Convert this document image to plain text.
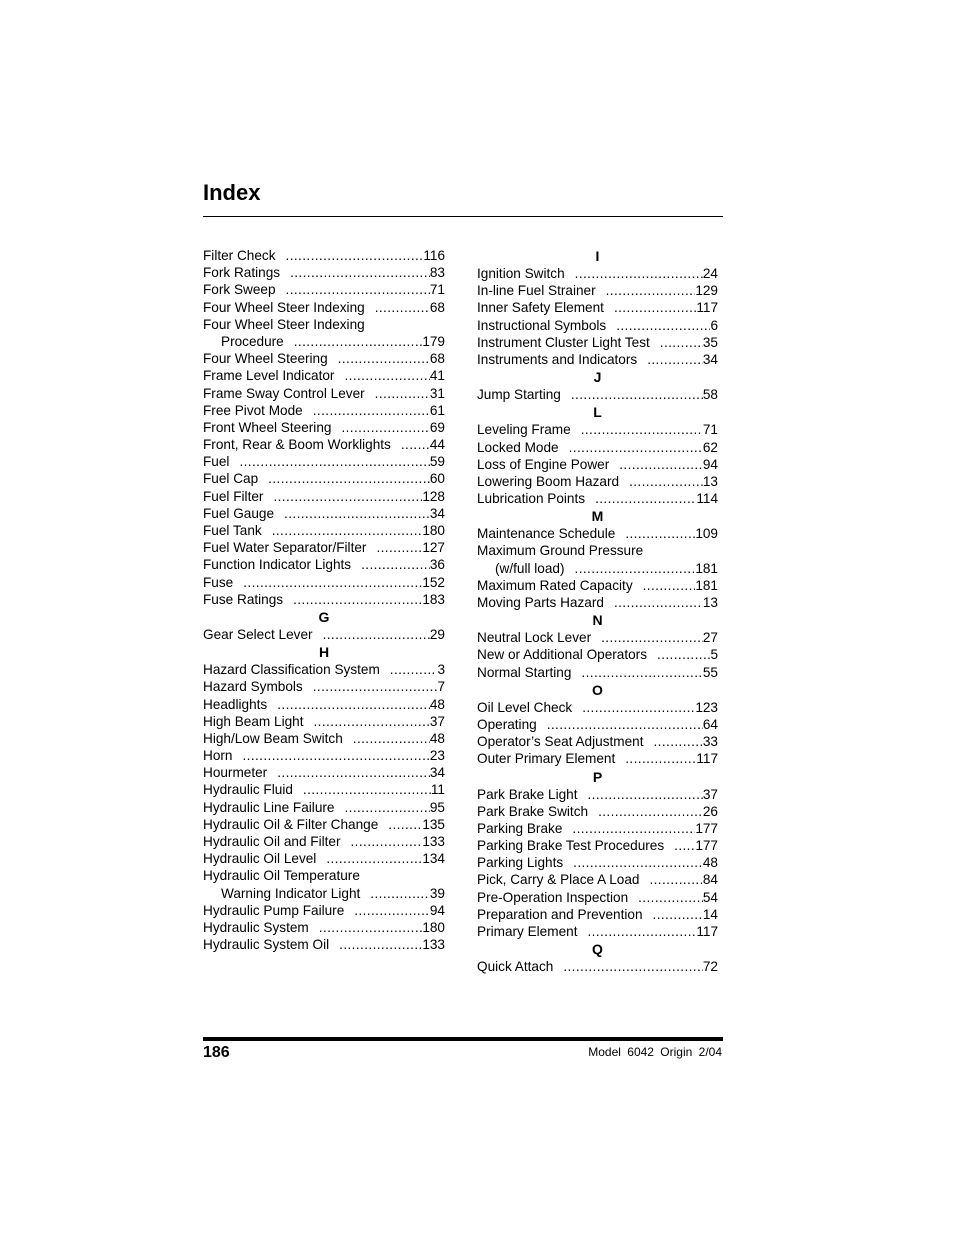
Index
Filter Check .....	116
Fork Ratings .....	83
Fork Sweep .....	71
Four Wheel Steer Indexing .....	68
Four Wheel Steer Indexing
Procedure .....	179
Four Wheel Steering .....	68
Frame Level Indicator .....	41
Frame Sway Control Lever .....	31
Free Pivot Mode .....	61
Front Wheel Steering .....	69
Front, Rear & Boom Worklights .....	44
Fuel .....	59
Fuel Cap .....	60
Fuel Filter .....	128
Fuel Gauge .....	34
Fuel Tank .....	180
Fuel Water Separator/Filter .....	127
Function Indicator Lights .....	36
Fuse .....	152
Fuse Ratings .....	183
G
Gear Select Lever .....	29
H
Hazard Classification System .....	3
Hazard Symbols .....	7
Headlights .....	48
High Beam Light .....	37
High/Low Beam Switch .....	48
Horn .....	23
Hourmeter .....	34
Hydraulic Fluid .....	11
Hydraulic Line Failure .....	95
Hydraulic Oil & Filter Change .....	135
Hydraulic Oil and Filter .....	133
Hydraulic Oil Level .....	134
Hydraulic Oil Temperature
Warning Indicator Light .....	39
Hydraulic Pump Failure .....	94
Hydraulic System .....	180
Hydraulic System Oil .....	133
I
Ignition Switch .....	24
In-line Fuel Strainer .....	129
Inner Safety Element .....	117
Instructional Symbols .....	6
Instrument Cluster Light Test .....	35
Instruments and Indicators .....	34
J
Jump Starting .....	58
L
Leveling Frame .....	71
Locked Mode .....	62
Loss of Engine Power .....	94
Lowering Boom Hazard .....	13
Lubrication Points .....	114
M
Maintenance Schedule .....	109
Maximum Ground Pressure
(w/full load) .....	181
Maximum Rated Capacity .....	181
Moving Parts Hazard .....	13
N
Neutral Lock Lever .....	27
New or Additional Operators .....	5
Normal Starting .....	55
O
Oil Level Check .....	123
Operating .....	64
Operator’s Seat Adjustment .....	33
Outer Primary Element .....	117
P
Park Brake Light .....	37
Park Brake Switch .....	26
Parking Brake .....	177
Parking Brake Test Procedures ..... 177
Parking Lights .....	48
Pick, Carry & Place A Load .....	84
Pre-Operation Inspection .....	54
Preparation and Prevention .....	14
Primary Element .....	117
Q
Quick Attach .....	72
186	Model 6042 Origin 2/04
